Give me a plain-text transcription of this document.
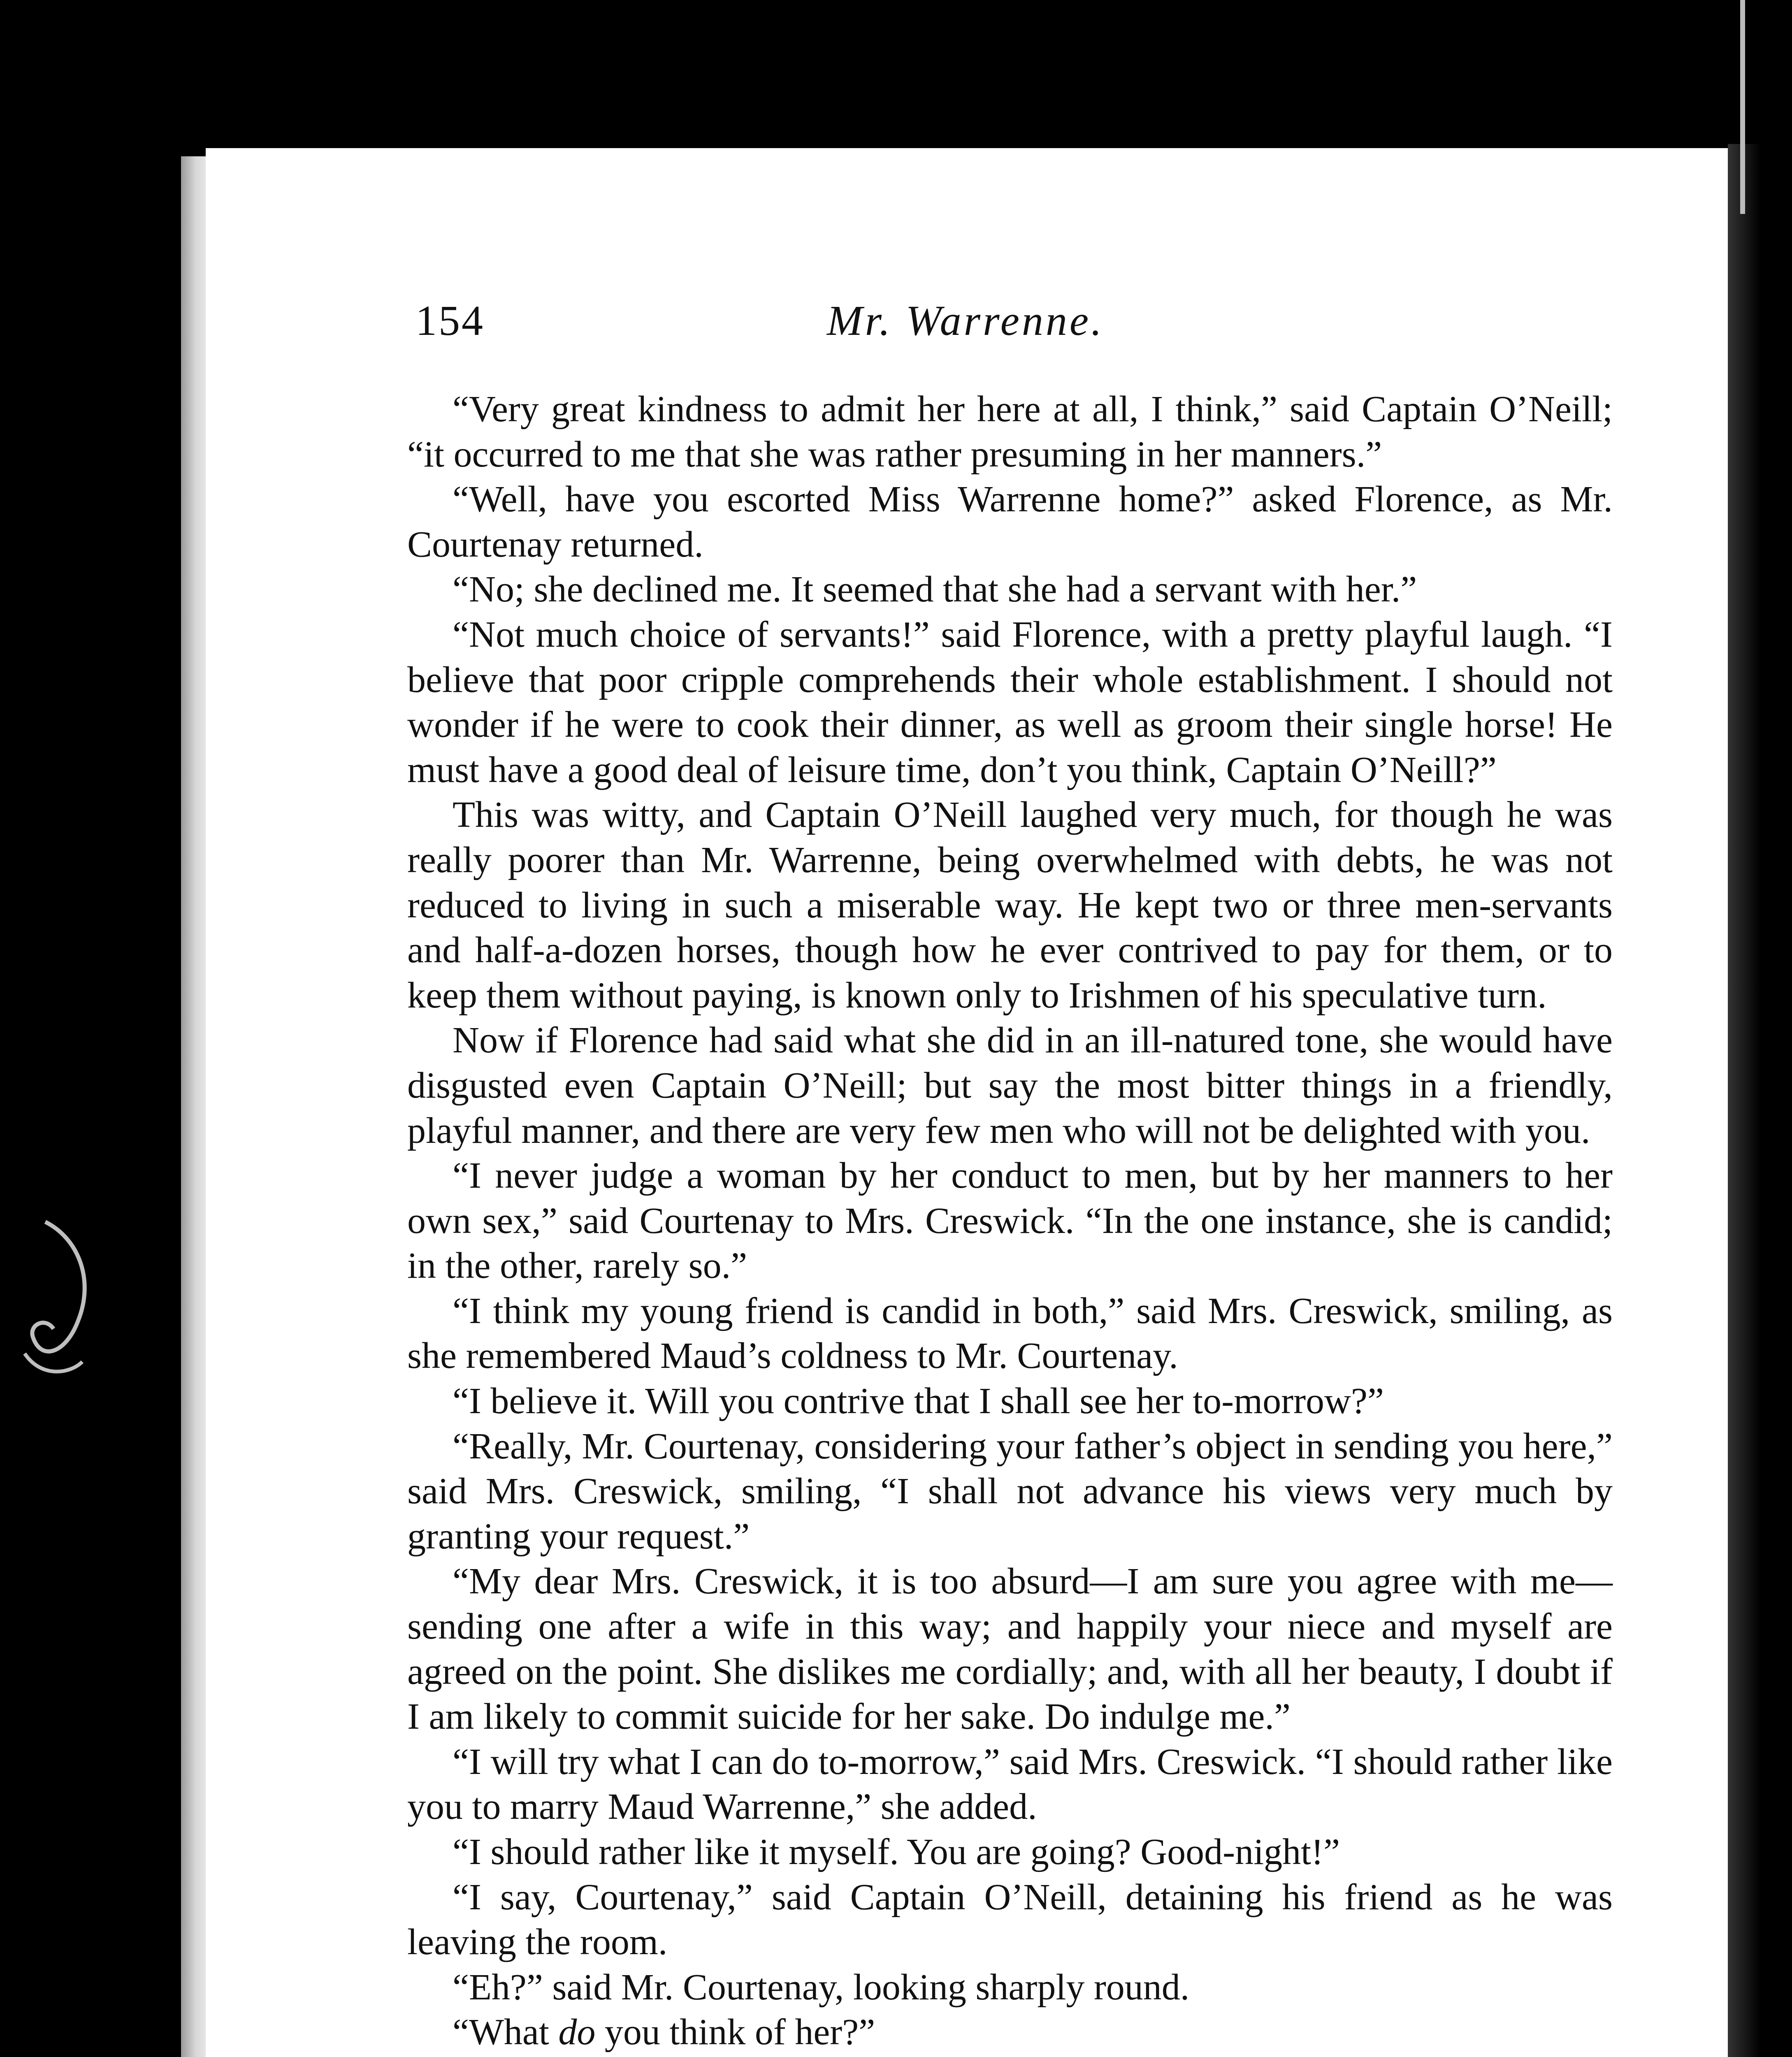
154	Mr. Warrenne.

“Very great kindness to admit her here at all, I think,” said Captain O’Neill; “it occurred to me that she was rather presuming in her manners.”

“Well, have you escorted Miss Warrenne home?” asked Florence, as Mr. Courtenay returned.

“No; she declined me. It seemed that she had a servant with her.”

“Not much choice of servants!” said Florence, with a pretty playful laugh. “I believe that poor cripple comprehends their whole establishment. I should not wonder if he were to cook their dinner, as well as groom their single horse! He must have a good deal of leisure time, don’t you think, Captain O’Neill?”

This was witty, and Captain O’Neill laughed very much, for though he was really poorer than Mr. Warrenne, being overwhelmed with debts, he was not reduced to living in such a miserable way. He kept two or three men-servants and half-a-dozen horses, though how he ever contrived to pay for them, or to keep them without paying, is known only to Irishmen of his speculative turn.

Now if Florence had said what she did in an ill-natured tone, she would have disgusted even Captain O’Neill; but say the most bitter things in a friendly, playful manner, and there are very few men who will not be delighted with you.

“I never judge a woman by her conduct to men, but by her manners to her own sex,” said Courtenay to Mrs. Creswick. “In the one instance, she is candid; in the other, rarely so.”

“I think my young friend is candid in both,” said Mrs. Creswick, smiling, as she remembered Maud’s coldness to Mr. Courtenay.

“I believe it. Will you contrive that I shall see her to-morrow?”

“Really, Mr. Courtenay, considering your father’s object in sending you here,” said Mrs. Creswick, smiling, “I shall not advance his views very much by granting your request.”

“My dear Mrs. Creswick, it is too absurd—I am sure you agree with me—sending one after a wife in this way; and happily your niece and myself are agreed on the point. She dislikes me cordially; and, with all her beauty, I doubt if I am likely to commit suicide for her sake. Do indulge me.”

“I will try what I can do to-morrow,” said Mrs. Creswick. “I should rather like you to marry Maud Warrenne,” she added.

“I should rather like it myself. You are going? Good-night!”

“I say, Courtenay,” said Captain O’Neill, detaining his friend as he was leaving the room.

“Eh?” said Mr. Courtenay, looking sharply round.

“What do you think of her?”
